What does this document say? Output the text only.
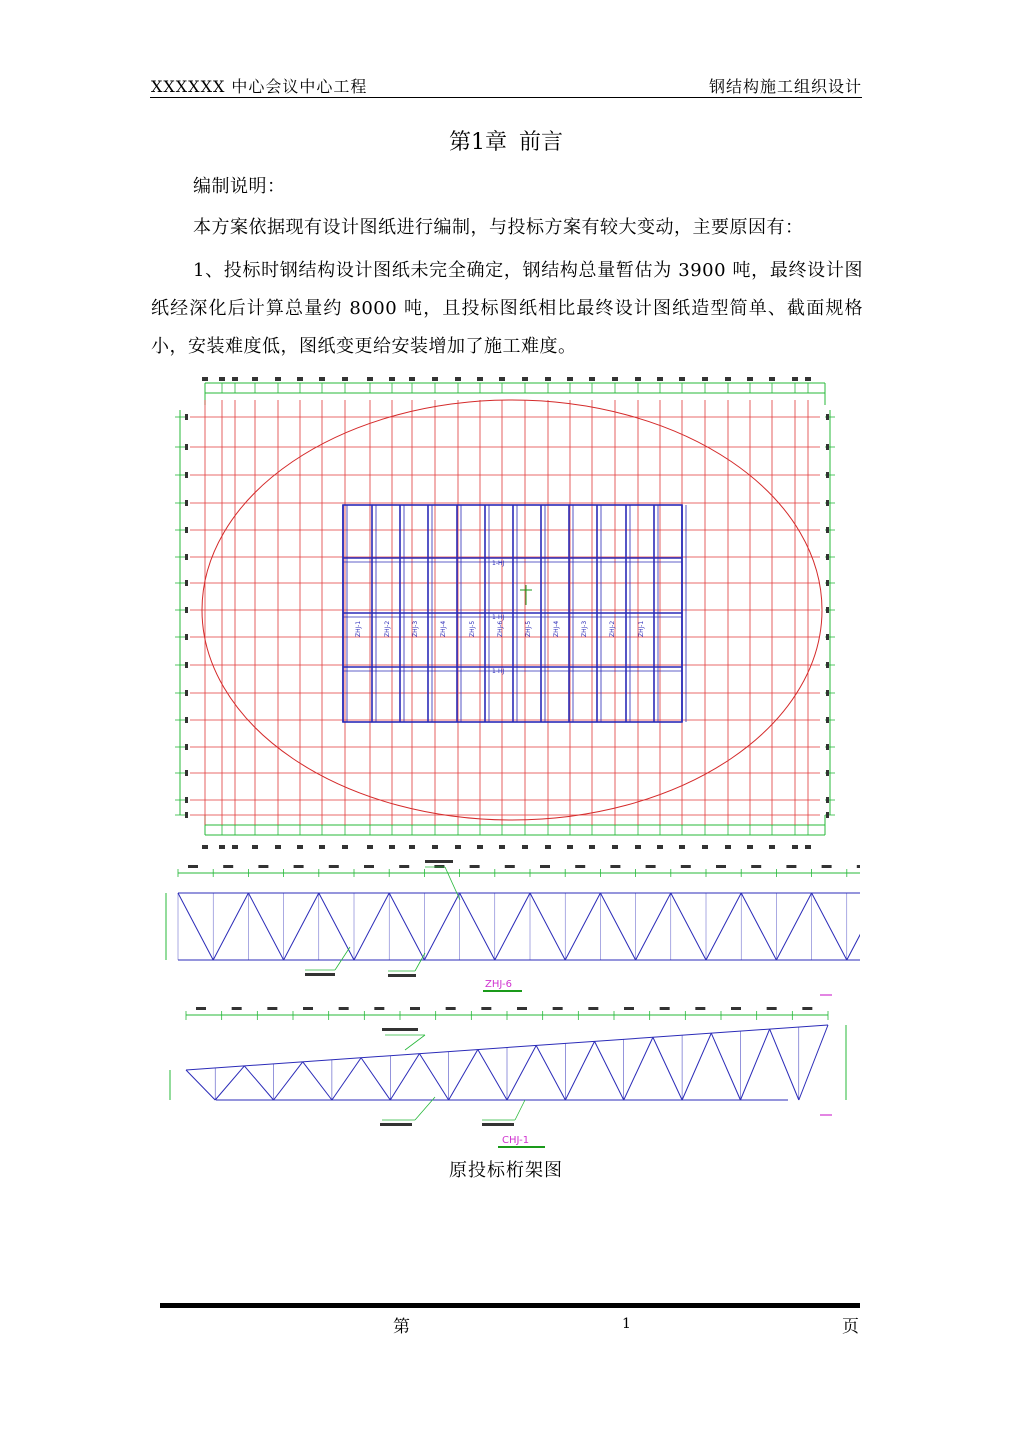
XXXXXX 中心会议中心工程	钢结构施工组织设计
第1章 前言
编制说明：
本方案依据现有设计图纸进行编制，与投标方案有较大变动，主要原因有：
1、投标时钢结构设计图纸未完全确定，钢结构总量暂估为 3900 吨，最终设计图纸经深化后计算总量约 8000 吨，且投标图纸相比最终设计图纸造型简单、截面规格小，安装难度低，图纸变更给安装增加了施工难度。
1-HJ
1-HJ
1-HJ
ZHJ-1	ZHJ-2	ZHJ-3	ZHJ-4	ZHJ-5	ZHJ-6	ZHJ-5	ZHJ-4	ZHJ-3	ZHJ-2	ZHJ-1
ZHJ-6
CHJ-1
原投标桁架图
第	1	页
